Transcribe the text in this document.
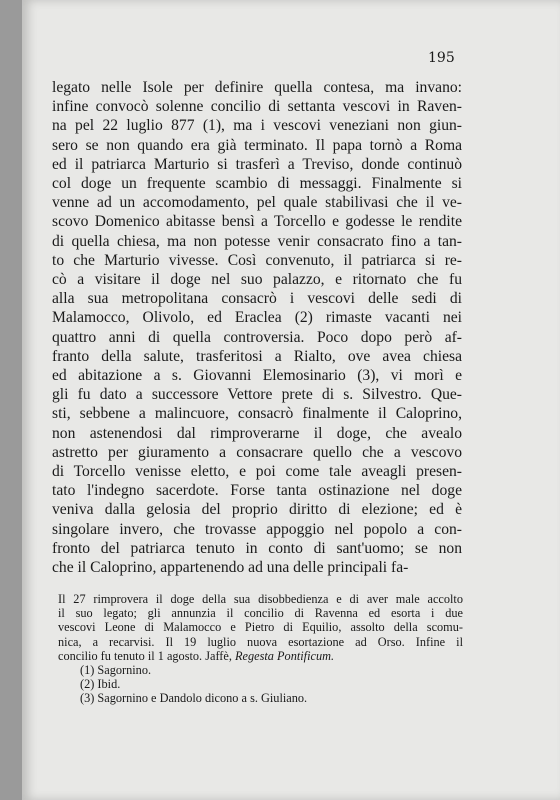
195
legato nelle Isole per definire quella contesa, ma invano:
infine convocò solenne concilio di settanta vescovi in Raven-
na pel 22 luglio 877 (1), ma i vescovi veneziani non giun-
sero se non quando era già terminato. Il papa tornò a Roma
ed il patriarca Marturio si trasferì a Treviso, donde continuò
col doge un frequente scambio di messaggi. Finalmente si
venne ad un accomodamento, pel quale stabilivasi che il ve-
scovo Domenico abitasse bensì a Torcello e godesse le rendite
di quella chiesa, ma non potesse venir consacrato fino a tan-
to che Marturio vivesse. Così convenuto, il patriarca si re-
cò a visitare il doge nel suo palazzo, e ritornato che fu
alla sua metropolitana consacrò i vescovi delle sedi di
Malamocco, Olivolo, ed Eraclea (2) rimaste vacanti nei
quattro anni di quella controversia. Poco dopo però af-
franto della salute, trasferitosi a Rialto, ove avea chiesa
ed abitazione a s. Giovanni Elemosinario (3), vi morì e
gli fu dato a successore Vettore prete di s. Silvestro. Que-
sti, sebbene a malincuore, consacrò finalmente il Caloprino,
non astenendosi dal rimproverarne il doge, che avealo
astretto per giuramento a consacrare quello che a vescovo
di Torcello venisse eletto, e poi come tale aveagli presen-
tato l'indegno sacerdote. Forse tanta ostinazione nel doge
veniva dalla gelosia del proprio diritto di elezione; ed è
singolare invero, che trovasse appoggio nel popolo a con-
fronto del patriarca tenuto in conto di sant'uomo; se non
che il Caloprino, appartenendo ad una delle principali fa-
Il 27 rimprovera il doge della sua disobbedienza e di aver male accolto
il suo legato; gli annunzia il concilio di Ravenna ed esorta i due
vescovi Leone di Malamocco e Pietro di Equilio, assolto della scomu-
nica, a recarvisi. Il 19 luglio nuova esortazione ad Orso. Infine il
concilio fu tenuto il 1 agosto. Jaffè, Regesta Pontificum.
(1) Sagornino.
(2) Ibid.
(3) Sagornino e Dandolo dicono a s. Giuliano.
